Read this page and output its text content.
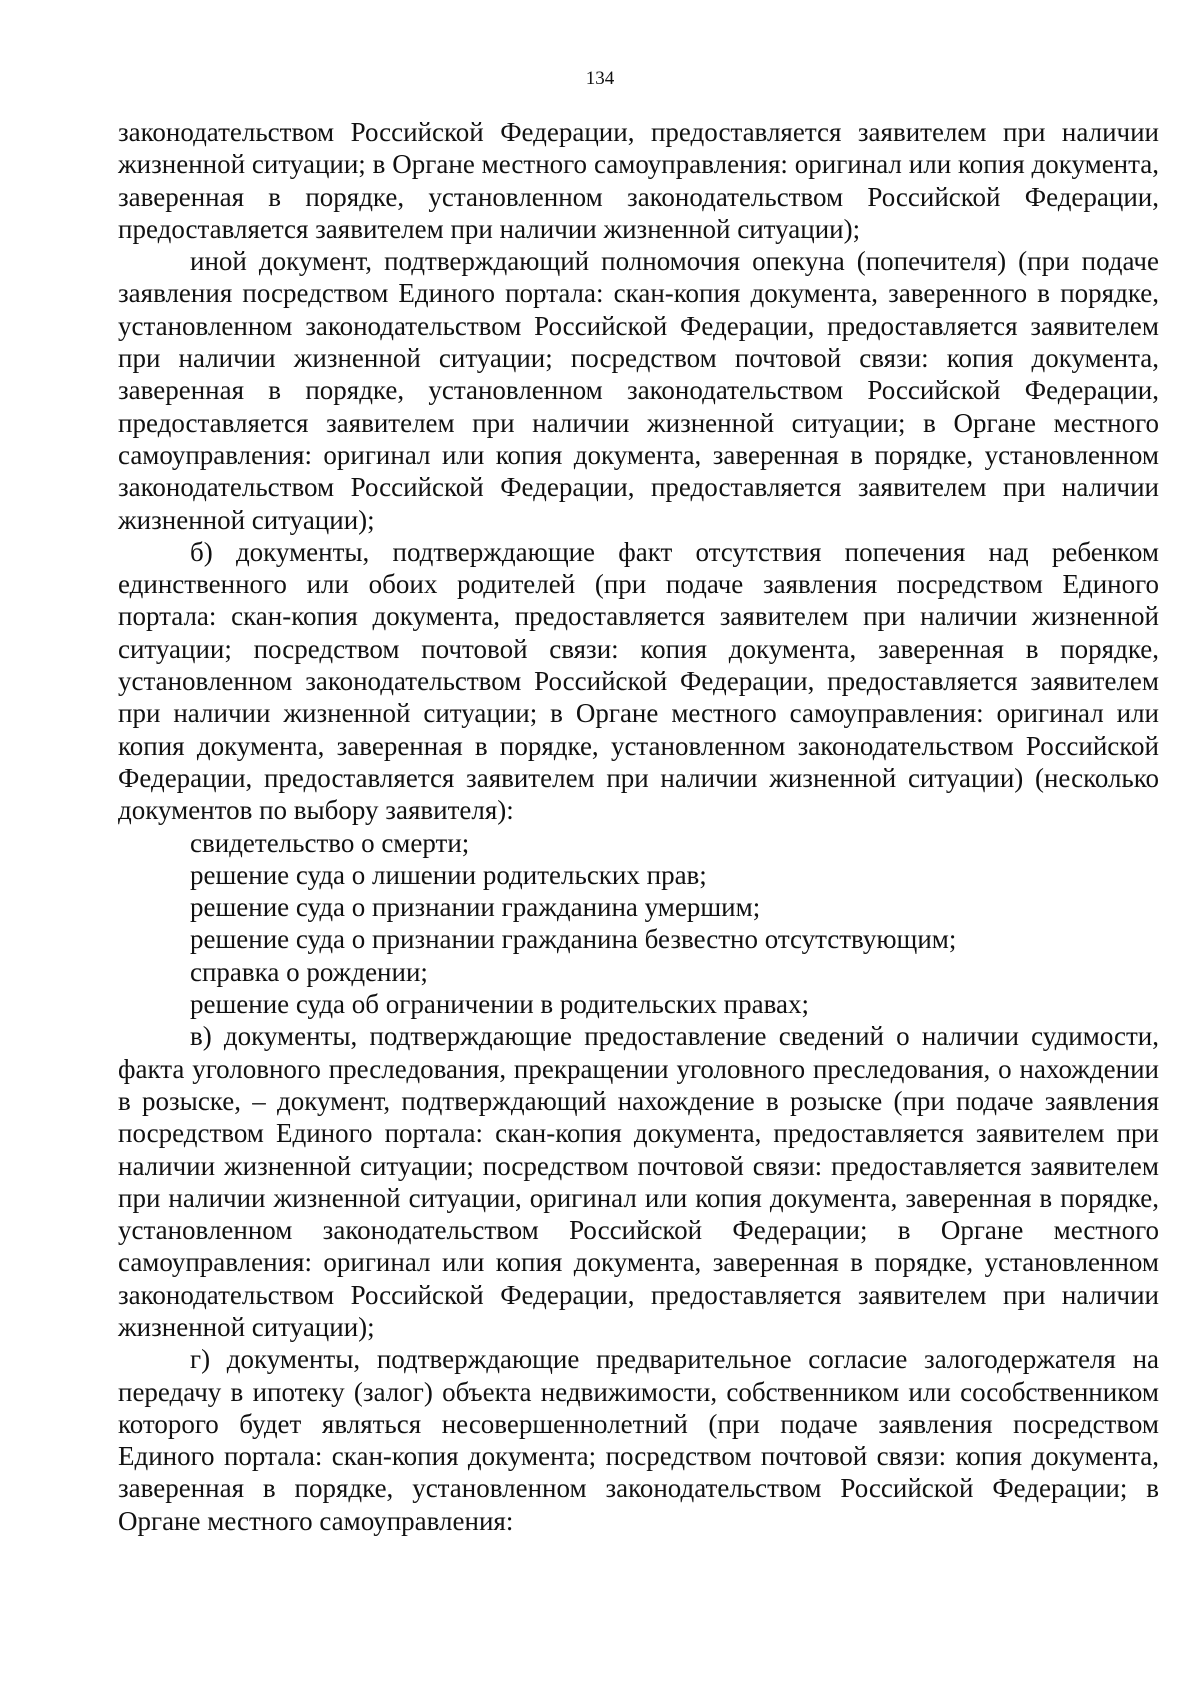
134

законодательством Российской Федерации, предоставляется заявителем при наличии жизненной ситуации; в Органе местного самоуправления: оригинал или копия документа, заверенная в порядке, установленном законодательством Российской Федерации, предоставляется заявителем при наличии жизненной ситуации);

иной документ, подтверждающий полномочия опекуна (попечителя) (при подаче заявления посредством Единого портала: скан-копия документа, заверенного в порядке, установленном законодательством Российской Федерации, предоставляется заявителем при наличии жизненной ситуации; посредством почтовой связи: копия документа, заверенная в порядке, установленном законодательством Российской Федерации, предоставляется заявителем при наличии жизненной ситуации; в Органе местного самоуправления: оригинал или копия документа, заверенная в порядке, установленном законодательством Российской Федерации, предоставляется заявителем при наличии жизненной ситуации);

б) документы, подтверждающие факт отсутствия попечения над ребенком единственного или обоих родителей (при подаче заявления посредством Единого портала: скан-копия документа, предоставляется заявителем при наличии жизненной ситуации; посредством почтовой связи: копия документа, заверенная в порядке, установленном законодательством Российской Федерации, предоставляется заявителем при наличии жизненной ситуации; в Органе местного самоуправления: оригинал или копия документа, заверенная в порядке, установленном законодательством Российской Федерации, предоставляется заявителем при наличии жизненной ситуации) (несколько документов по выбору заявителя):

свидетельство о смерти;

решение суда о лишении родительских прав;

решение суда о признании гражданина умершим;

решение суда о признании гражданина безвестно отсутствующим;

справка о рождении;

решение суда об ограничении в родительских правах;

в) документы, подтверждающие предоставление сведений о наличии судимости, факта уголовного преследования, прекращении уголовного преследования, о нахождении в розыске, – документ, подтверждающий нахождение в розыске (при подаче заявления посредством Единого портала: скан-копия документа, предоставляется заявителем при наличии жизненной ситуации; посредством почтовой связи: предоставляется заявителем при наличии жизненной ситуации, оригинал или копия документа, заверенная в порядке, установленном законодательством Российской Федерации; в Органе местного самоуправления: оригинал или копия документа, заверенная в порядке, установленном законодательством Российской Федерации, предоставляется заявителем при наличии жизненной ситуации);

г) документы, подтверждающие предварительное согласие залогодержателя на передачу в ипотеку (залог) объекта недвижимости, собственником или сособственником которого будет являться несовершеннолетний (при подаче заявления посредством Единого портала: скан-копия документа; посредством почтовой связи: копия документа, заверенная в порядке, установленном законодательством Российской Федерации; в Органе местного самоуправления:
